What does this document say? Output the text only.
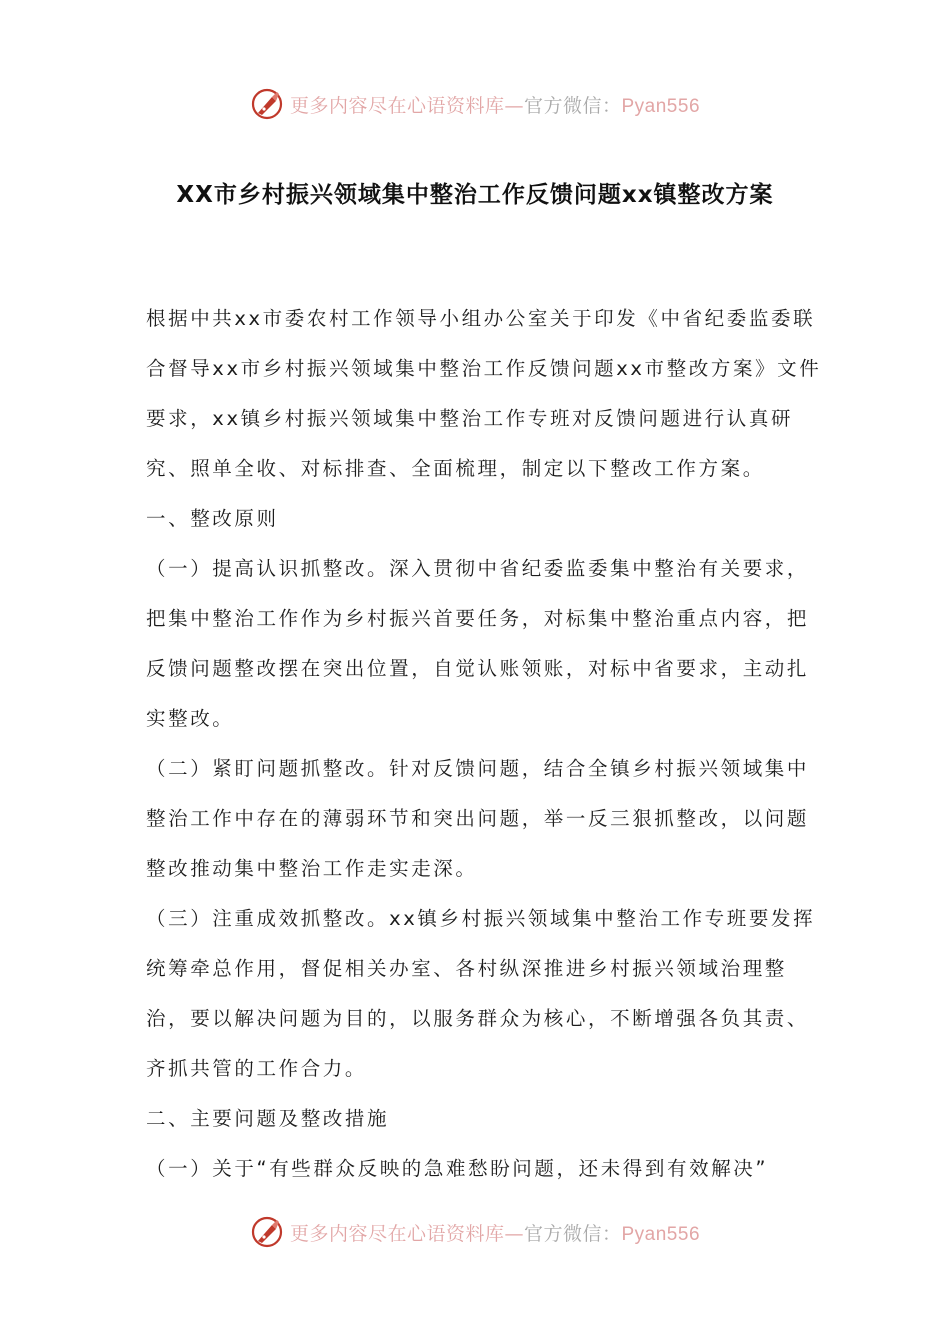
更多内容尽在心语资料库—官方微信：Pyan556
XX市乡村振兴领域集中整治工作反馈问题xx镇整改方案

根据中共xx市委农村工作领导小组办公室关于印发《中省纪委监委联合督导xx市乡村振兴领域集中整治工作反馈问题xx市整改方案》文件要求，xx镇乡村振兴领域集中整治工作专班对反馈问题进行认真研究、照单全收、对标排查、全面梳理，制定以下整改工作方案。

一、整改原则

（一）提高认识抓整改。深入贯彻中省纪委监委集中整治有关要求，把集中整治工作作为乡村振兴首要任务，对标集中整治重点内容，把反馈问题整改摆在突出位置，自觉认账领账，对标中省要求，主动扎实整改。

（二）紧盯问题抓整改。针对反馈问题，结合全镇乡村振兴领域集中整治工作中存在的薄弱环节和突出问题，举一反三狠抓整改，以问题整改推动集中整治工作走实走深。

（三）注重成效抓整改。xx镇乡村振兴领域集中整治工作专班要发挥统筹牵总作用，督促相关办室、各村纵深推进乡村振兴领域治理整治，要以解决问题为目的，以服务群众为核心，不断增强各负其责、齐抓共管的工作合力。

二、主要问题及整改措施

（一）关于“有些群众反映的急难愁盼问题，还未得到有效解决”

更多内容尽在心语资料库—官方微信：Pyan556
